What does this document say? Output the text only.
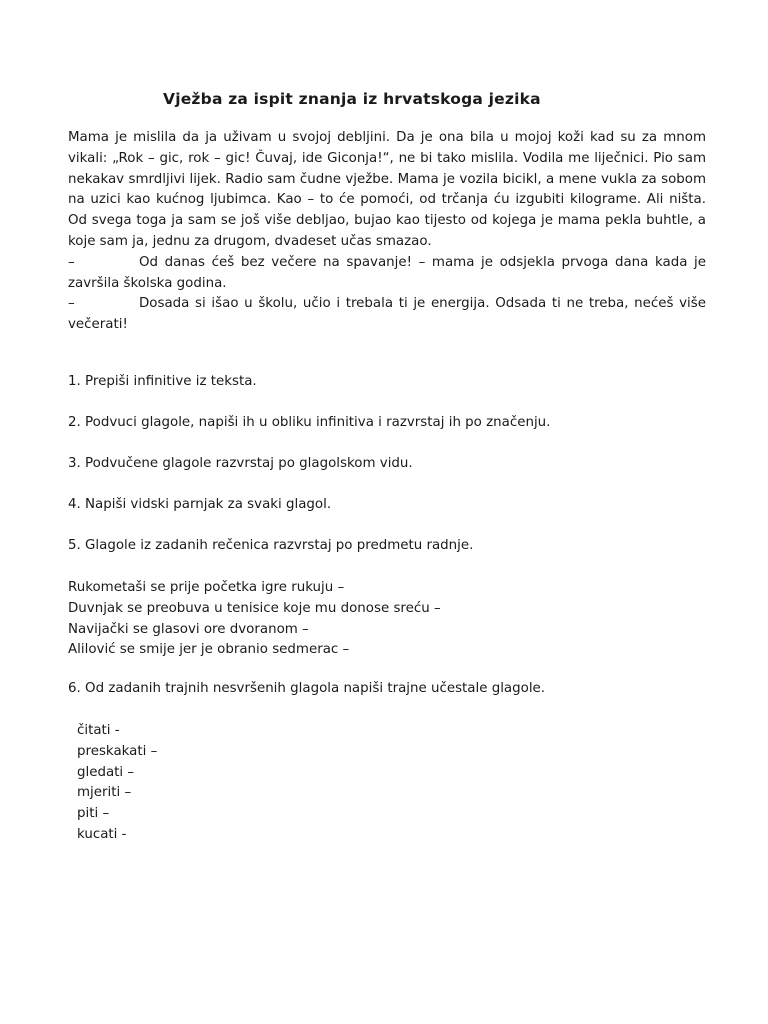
Vježba za ispit znanja iz hrvatskoga jezika

Mama je mislila da ja uživam u svojoj debljini. Da je ona bila u mojoj koži kad su za mnom vikali: „Rok – gic, rok – gic! Čuvaj, ide Giconja!“, ne bi tako mislila. Vodila me liječnici. Pio sam nekakav smrdljivi lijek. Radio sam čudne vježbe. Mama je vozila bicikl, a mene vukla za sobom na uzici kao kućnog ljubimca. Kao – to će pomoći, od trčanja ću izgubiti kilograme. Ali ništa. Od svega toga ja sam se još više debljao, bujao kao tijesto od kojega je mama pekla buhtle, a koje sam ja, jednu za drugom, dvadeset učas smazao.

–	Od danas ćeš bez večere na spavanje! – mama je odsjekla prvoga dana kada je završila školska godina.

–	Dosada si išao u školu, učio i trebala ti je energija. Odsada ti ne treba, nećeš više večerati!

1. Prepiši infinitive iz teksta.

2. Podvuci glagole, napiši ih u obliku infinitiva i razvrstaj ih po značenju.

3. Podvučene glagole razvrstaj po glagolskom vidu.

4. Napiši vidski parnjak za svaki glagol.

5. Glagole iz zadanih rečenica razvrstaj po predmetu radnje.

6. Od zadanih trajnih nesvršenih glagola napiši trajne učestale glagole.

Rukometaši se prije početka igre rukuju –

Duvnjak se preobuva u tenisice koje mu donose sreću –

Navijački se glasovi ore dvoranom –

Alilović se smije jer je obranio sedmerac –

čitati -

preskakati –

gledati –

mjeriti –

piti –

kucati -
